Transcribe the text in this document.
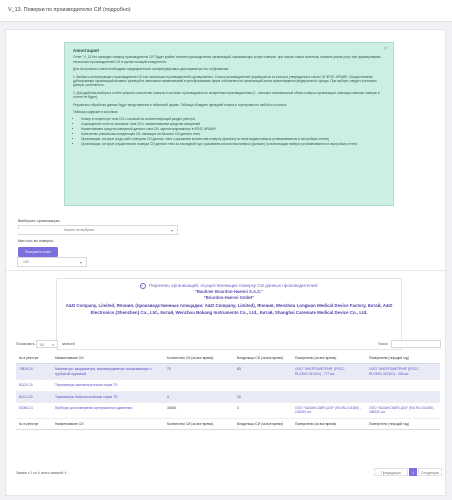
V_13. Поверки по производителю СИ (подробно)
×
Аннотация!

Отчет "V_13 Кто проводит поверку производителю СИ" будет крайне полезен руководителям организаций, оказывающих услуги поверки, при поиске новых клиентов, анализе рынка услуг при формировании нескольких производителей СИ и оценке позиций конкурентов.

Для построения отчета необходимо предварительно сконфигурировать два параметра его отображения:

1. Выбрать интересующего производителя СИ или нескольких производителей одновременно. Список производителей формируется из реестра утвержденных типов СИ ФГИС АРШИН. Осуществление дублирования организаций вызвано разницей в написании наименований в преобразовании форм собственности организаций за все время ведения федерального фонда. При выборе следует учитывать данную особенность.

2. Для удобства выбора в отчёте укажите количество поверок в системе, производимое по конкретным производителям (2 - означает минимальный объем поверок организации, имеющих меньше поверок в отчете не будет).

Результаты обработки данных будут представлены в табличной форме. Таблица обладает функцией поиска и сортировки по любой из колонок.

Таблица содержит в колонках:

• Номер в госреестре типа СИ с ссылкой на соответствующий раздел реестра
• Сокращенное поле на описание типа СИ с наименованием средства измерений
• Наименование средств измерений данного типа СИ, зарегистрированных в ФГИС АРШИН
• Количество уникальных владельцев СИ, имеющих на балансе СИ данного типа
• Организации, которые когда-либо поверяли СИ данного типа с указанием количества поверок (филиал) по всем видам поверок устанавливается в настройках отчета)
• Организации, которые осуществляли поверки СИ данного типа за последний год с указанием количества поверок (филиал) по всем видам поверок устанавливается в настройках отчета
Выберите организацию:
Ничего не выбрано	▾
Мин кол-во поверок:
Построить отчет
i Перечень организаций, осуществляющих поверку СИ данных производителей:
"Bauhner Bourdon-Haenni S.A.S."
"Bourdon-Haenni GmbH"
A&D Company, Limited, Япония, (производственные площадки: A&D Company, Limited), Япония, Wenzhou Longwan Medical Device Factory, Китай, A&D Electronics (Shenzhen) Co., Ltd., Китай, Wenzhou Bokang Instruments Co., Ltd., Китай, Shanghai Caremate Medical Device Co., Ltd.
Показывать	10	▾ записей	Поиск:
№ в реестре	Наименование СИ	Количество СИ (за все время)	Владельцы СИ (за все время)	Поверители (за все время)	Поверители (текущий год)
78876-20	Манометры, вакуумметры, мановакуумметры показывающие с трубчатой пружиной	70	63	ООО "ЭНЕРГОМЕТРИЯ" (РОСС RU.0001.310101) - 777 шт.	ООО "ЭНЕРГОМЕТРИЯ" (РОСС RU.0001.310101) - 326 шт.
81120-20	Термометры манометрические серии TS				
81121-20	Термометры биметаллические серии TS	4	10		
82060-21	Приборы для измерения артериального давления	36360	3	ООО "КАЗАНСКИЙ ЦСМ" (RA.RU.311350) - 232000 шт.	ООО "КАЗАНСКИЙ ЦСМ" (RA.RU.311350) - 185220 шт.
№ в реестре	Наименование СИ	Количество СИ (за все время)	Владельцы СИ (за все время)	Поверители (за все время)	Поверители (текущий год)
Записи с 1 по 4, всего записей: 4	Предыдущая	1	Следующая
100	▾
